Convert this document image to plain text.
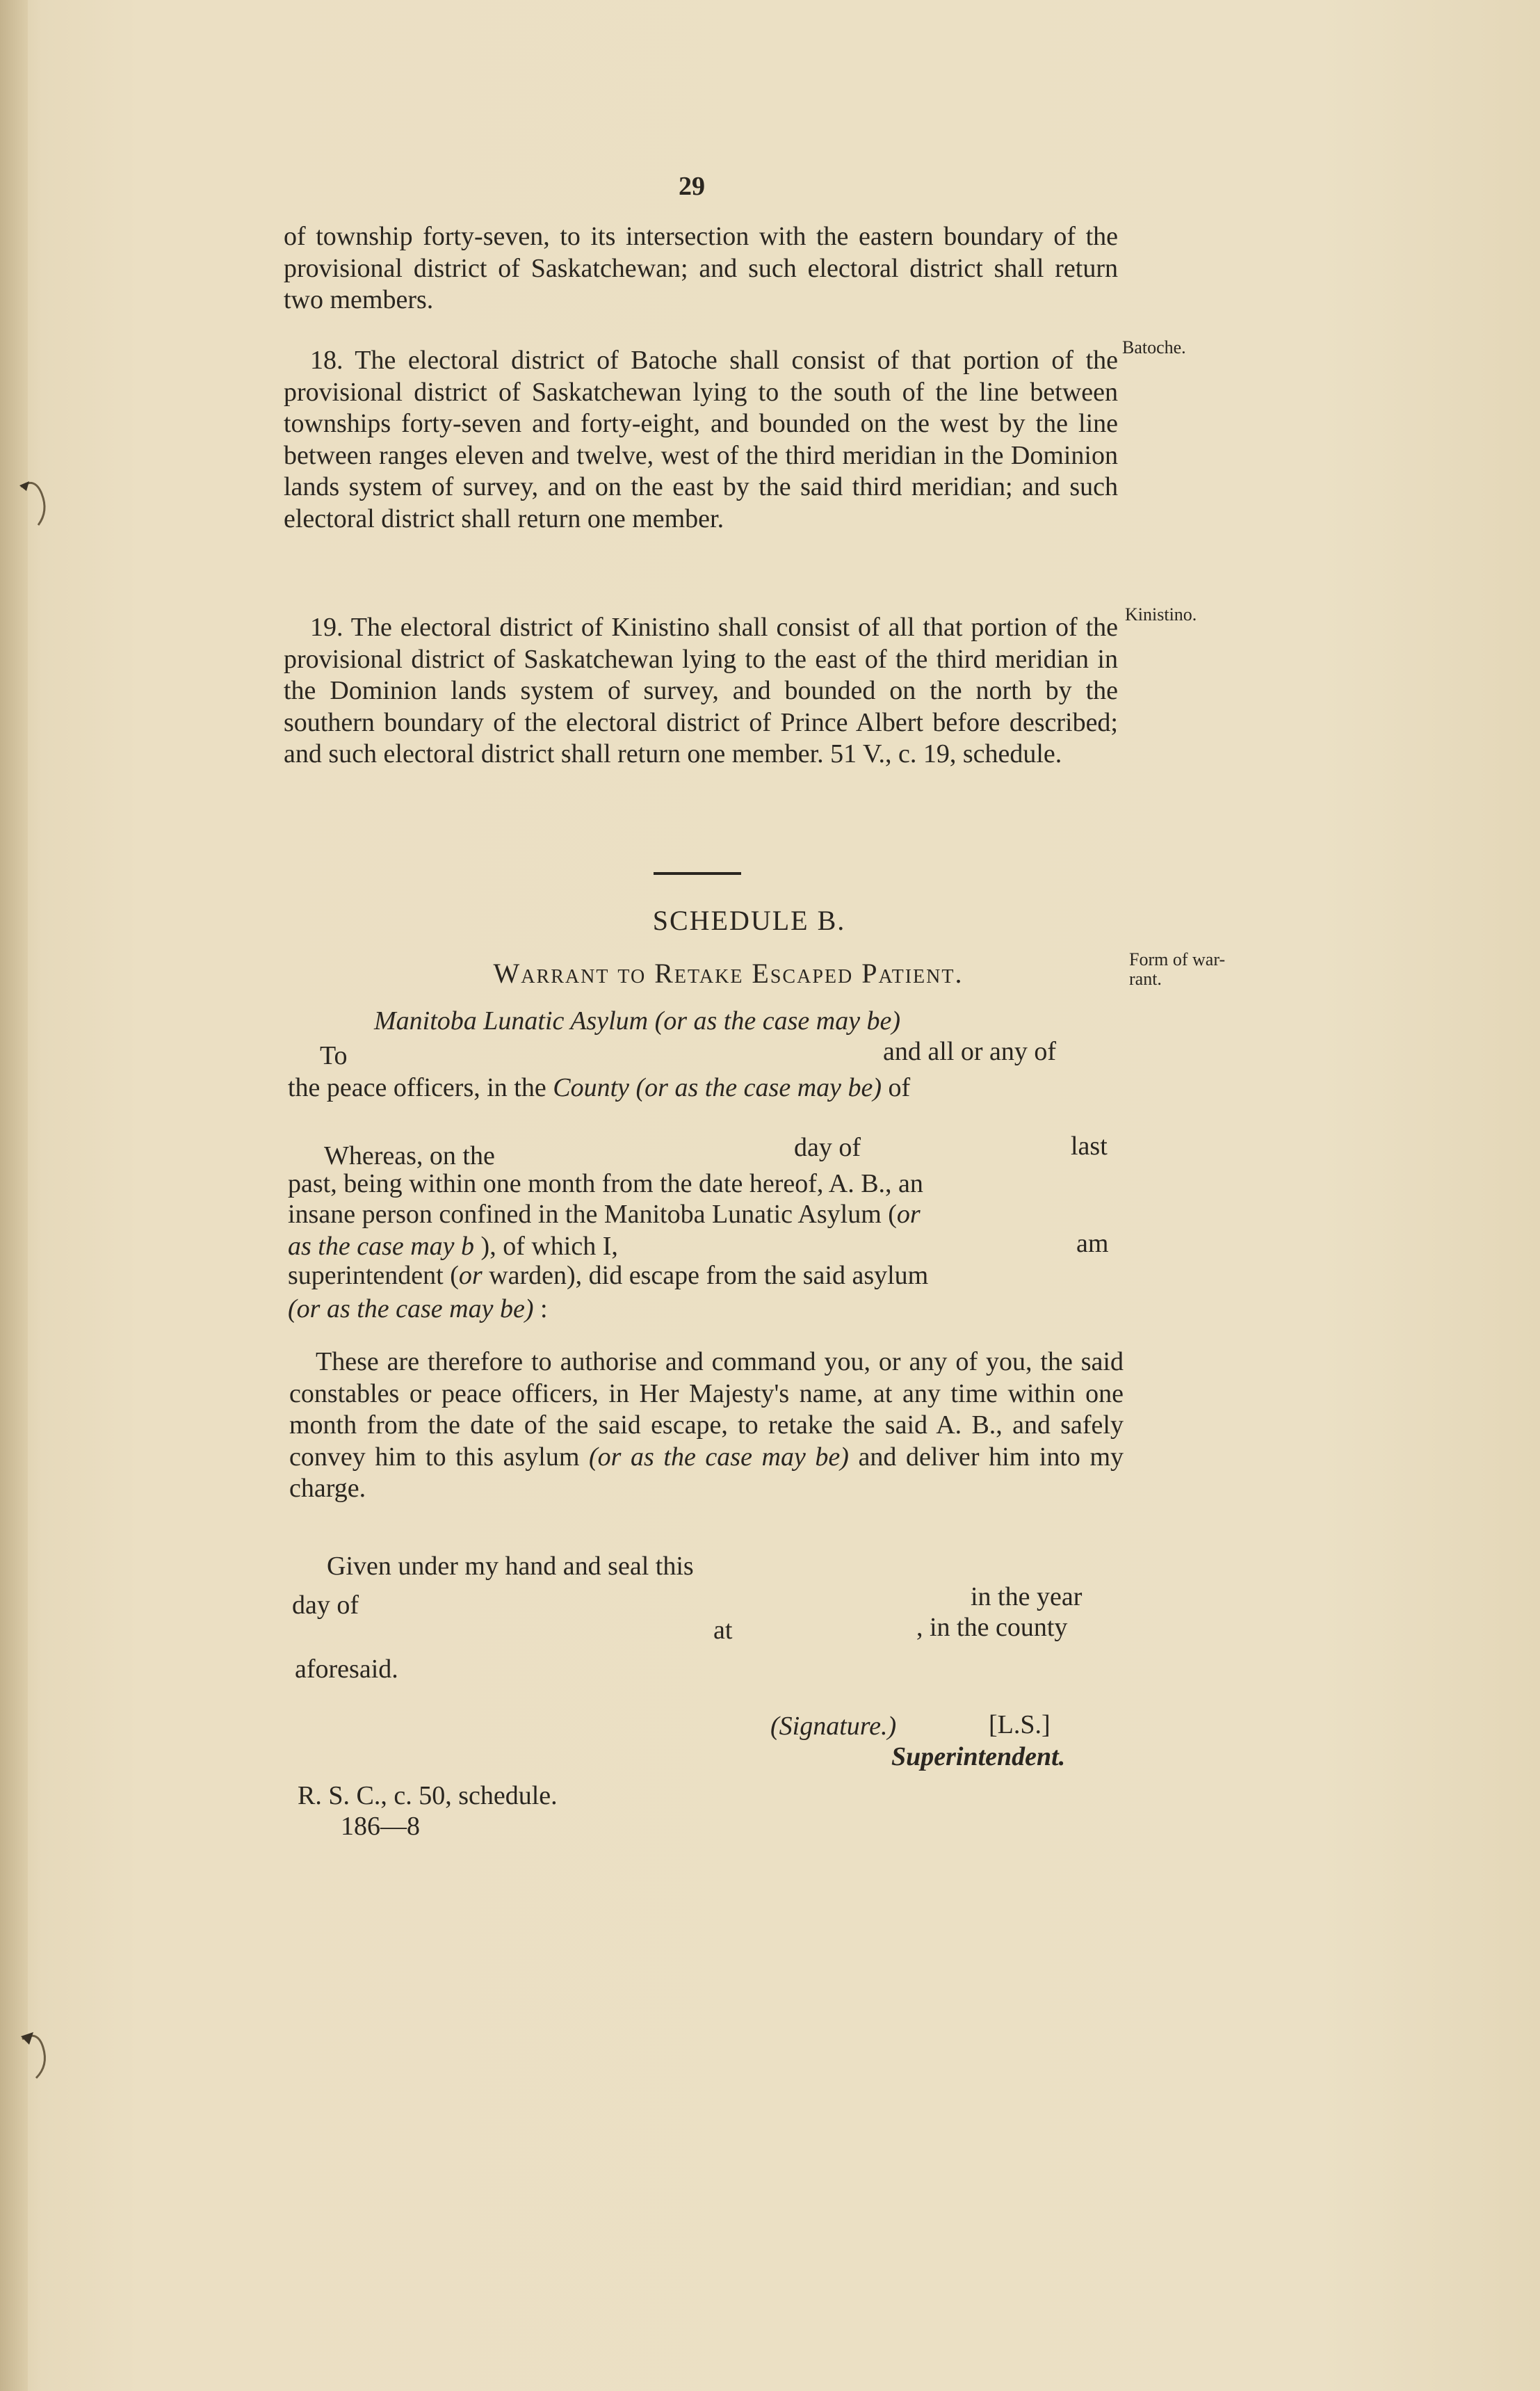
29

of township forty-seven, to its intersection with the eastern boundary of the provisional district of Saskatchewan; and such electoral district shall return two members.

18. The electoral district of Batoche shall consist of that portion of the provisional district of Saskatchewan lying to the south of the line between townships forty-seven and forty-eight, and bounded on the west by the line between ranges eleven and twelve, west of the third meridian in the Dominion lands system of survey, and on the east by the said third meridian; and such electoral district shall return one member.

Batoche.

19. The electoral district of Kinistino shall consist of all that portion of the provisional district of Saskatchewan lying to the east of the third meridian in the Dominion lands system of survey, and bounded on the north by the southern boundary of the electoral district of Prince Albert before described; and such electoral district shall return one member. 51 V., c. 19, schedule.

Kinistino.
SCHEDULE B.
Warrant to Retake Escaped Patient.	Form of war-
rant.
Manitoba Lunatic Asylum (or as the case may be)
To	and all or any of
the peace officers, in the County (or as the case may be) of
Whereas, on the	day of	last
past, being within one month from the date hereof, A. B., an
insane person confined in the Manitoba Lunatic Asylum (or
as the case may b ), of which I,	am
superintendent (or warden), did escape from the said asylum
(or as the case may be) :

These are therefore to authorise and command you, or any of you, the said constables or peace officers, in Her Majesty's name, at any time within one month from the date of the said escape, to retake the said A. B., and safely convey him to this asylum (or as the case may be) and deliver him into my charge.

Given under my hand and seal this
day of	in the year
at	, in the county
aforesaid.
(Signature.)	[L.S.]
Superintendent.
R. S. C., c. 50, schedule.
186—8
